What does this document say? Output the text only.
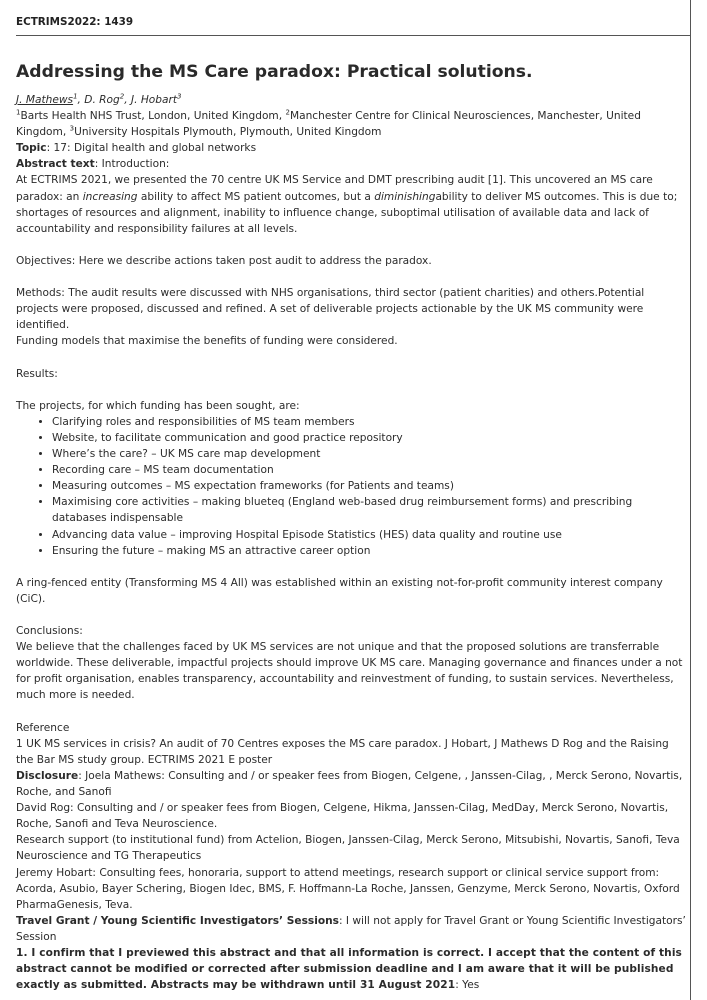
ECTRIMS2022: 1439
Addressing the MS Care paradox: Practical solutions.

J. Mathews$^1$, D. Rog$^2$, J. Hobart$^3$

$^1$Barts Health NHS Trust, London, United Kingdom, $^2$Manchester Centre for Clinical Neurosciences, Manchester, United Kingdom, $^3$University Hospitals Plymouth, Plymouth, United Kingdom

Topic: 17: Digital health and global networks

Abstract text: Introduction:

At ECTRIMS 2021, we presented the 70 centre UK MS Service and DMT prescribing audit [1]. This uncovered an MS care paradox: an increasing ability to affect MS patient outcomes, but a diminishingability to deliver MS outcomes. This is due to; shortages of resources and alignment, inability to influence change, suboptimal utilisation of available data and lack of accountability and responsibility failures at all levels.

Objectives: Here we describe actions taken post audit to address the paradox.

Methods: The audit results were discussed with NHS organisations, third sector (patient charities) and others.Potential projects were proposed, discussed and refined. A set of deliverable projects actionable by the UK MS community were identified.

Funding models that maximise the benefits of funding were considered.

Results:

The projects, for which funding has been sought, are:

• Clarifying roles and responsibilities of MS team members
• Website, to facilitate communication and good practice repository
• Where’s the care? – UK MS care map development
• Recording care – MS team documentation
• Measuring outcomes – MS expectation frameworks (for Patients and teams)
• Maximising core activities – making blueteq (England web-based drug reimbursement forms) and prescribing databases indispensable
• Advancing data value – improving Hospital Episode Statistics (HES) data quality and routine use
• Ensuring the future – making MS an attractive career option

A ring-fenced entity (Transforming MS 4 All) was established within an existing not-for-profit community interest company (CiC).

Conclusions:

We believe that the challenges faced by UK MS services are not unique and that the proposed solutions are transferrable worldwide. These deliverable, impactful projects should improve UK MS care. Managing governance and finances under a not for profit organisation, enables transparency, accountability and reinvestment of funding, to sustain services. Nevertheless, much more is needed.

Reference

1 UK MS services in crisis? An audit of 70 Centres exposes the MS care paradox. J Hobart, J Mathews D Rog and the Raising the Bar MS study group. ECTRIMS 2021 E poster

Disclosure: Joela Mathews: Consulting and / or speaker fees from Biogen, Celgene, , Janssen-Cilag, , Merck Serono, Novartis, Roche, and Sanofi

David Rog: Consulting and / or speaker fees from Biogen, Celgene, Hikma, Janssen-Cilag, MedDay, Merck Serono, Novartis, Roche, Sanofi and Teva Neuroscience.

Research support (to institutional fund) from Actelion, Biogen, Janssen-Cilag, Merck Serono, Mitsubishi, Novartis, Sanofi, Teva Neuroscience and TG Therapeutics

Jeremy Hobart: Consulting fees, honoraria, support to attend meetings, research support or clinical service support from: Acorda, Asubio, Bayer Schering, Biogen Idec, BMS, F. Hoffmann-La Roche, Janssen, Genzyme, Merck Serono, Novartis, Oxford PharmaGenesis, Teva.

Travel Grant / Young Scientific Investigators’ Sessions: I will not apply for Travel Grant or Young Scientific Investigators’ Session

1. I confirm that I previewed this abstract and that all information is correct. I accept that the content of this abstract cannot be modified or corrected after submission deadline and I am aware that it will be published exactly as submitted. Abstracts may be withdrawn until 31 August 2021: Yes
